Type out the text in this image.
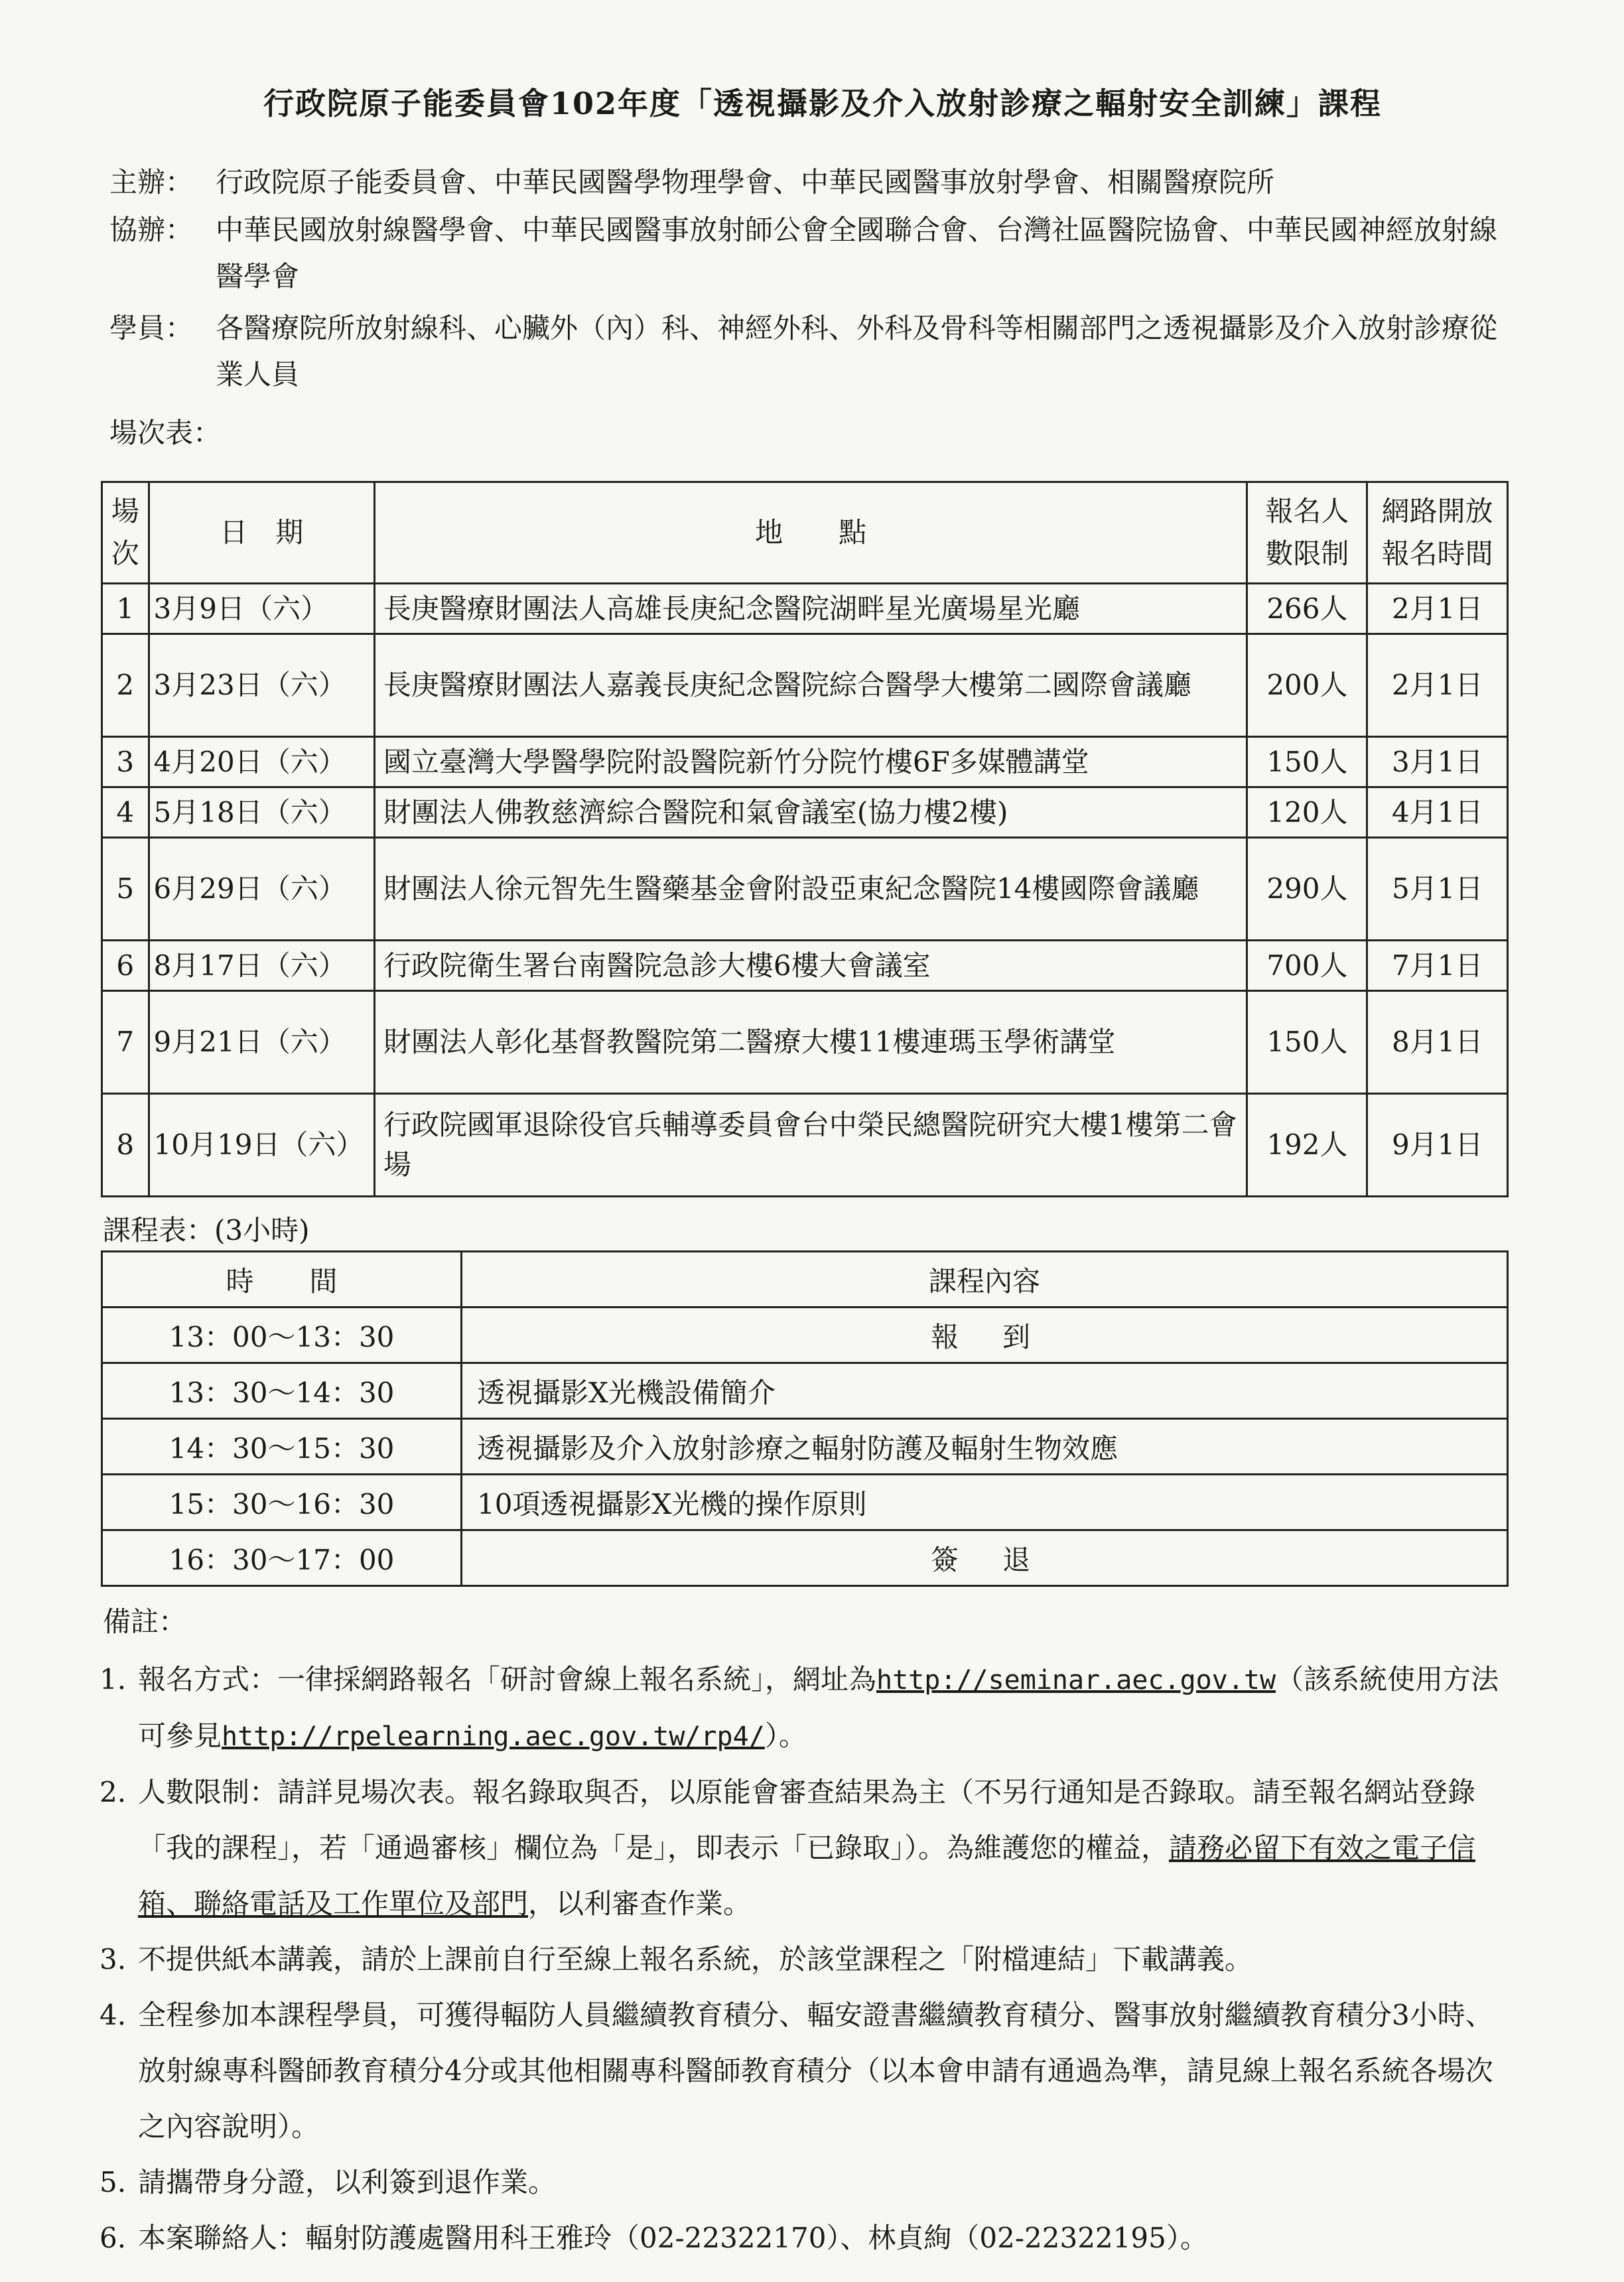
行政院原子能委員會102年度「透視攝影及介入放射診療之輻射安全訓練」課程
主辦： 行政院原子能委員會、中華民國醫學物理學會、中華民國醫事放射學會、相關醫療院所
協辦： 中華民國放射線醫學會、中華民國醫事放射師公會全國聯合會、台灣社區醫院協會、中華民國神經放射線醫學會
學員： 各醫療院所放射線科、心臟外（內）科、神經外科、外科及骨科等相關部門之透視攝影及介入放射診療從業人員
場次表：
場次	日　期	地　　點	報名人數限制	網路開放報名時間
1	3月9日（六）	長庚醫療財團法人高雄長庚紀念醫院湖畔星光廣場星光廳	266人	2月1日
2	3月23日（六）	長庚醫療財團法人嘉義長庚紀念醫院綜合醫學大樓第二國際會議廳	200人	2月1日
3	4月20日（六）	國立臺灣大學醫學院附設醫院新竹分院竹樓6F多媒體講堂	150人	3月1日
4	5月18日（六）	財團法人佛教慈濟綜合醫院和氣會議室(協力樓2樓)	120人	4月1日
5	6月29日（六）	財團法人徐元智先生醫藥基金會附設亞東紀念醫院14樓國際會議廳	290人	5月1日
6	8月17日（六）	行政院衛生署台南醫院急診大樓6樓大會議室	700人	7月1日
7	9月21日（六）	財團法人彰化基督教醫院第二醫療大樓11樓連瑪玉學術講堂	150人	8月1日
8	10月19日（六）	行政院國軍退除役官兵輔導委員會台中榮民總醫院研究大樓1樓第二會場	192人	9月1日
課程表：(3小時)
時　　間	課程內容
13：00～13：30	報　到
13：30～14：30	透視攝影X光機設備簡介
14：30～15：30	透視攝影及介入放射診療之輻射防護及輻射生物效應
15：30～16：30	10項透視攝影X光機的操作原則
16：30～17：00	簽　退
備註：
1. 報名方式：一律採網路報名「研討會線上報名系統」，網址為http://seminar.aec.gov.tw（該系統使用方法可參見http://rpelearning.aec.gov.tw/rp4/）。
2. 人數限制：請詳見場次表。報名錄取與否，以原能會審查結果為主（不另行通知是否錄取。請至報名網站登錄「我的課程」，若「通過審核」欄位為「是」，即表示「已錄取」）。為維護您的權益，請務必留下有效之電子信箱、聯絡電話及工作單位及部門，以利審查作業。
3. 不提供紙本講義，請於上課前自行至線上報名系統，於該堂課程之「附檔連結」下載講義。
4. 全程參加本課程學員，可獲得輻防人員繼續教育積分、輻安證書繼續教育積分、醫事放射繼續教育積分3小時、放射線專科醫師教育積分4分或其他相關專科醫師教育積分（以本會申請有通過為準，請見線上報名系統各場次之內容說明）。
5. 請攜帶身分證，以利簽到退作業。
6. 本案聯絡人：輻射防護處醫用科王雅玲（02-22322170）、林貞絢（02-22322195）。
